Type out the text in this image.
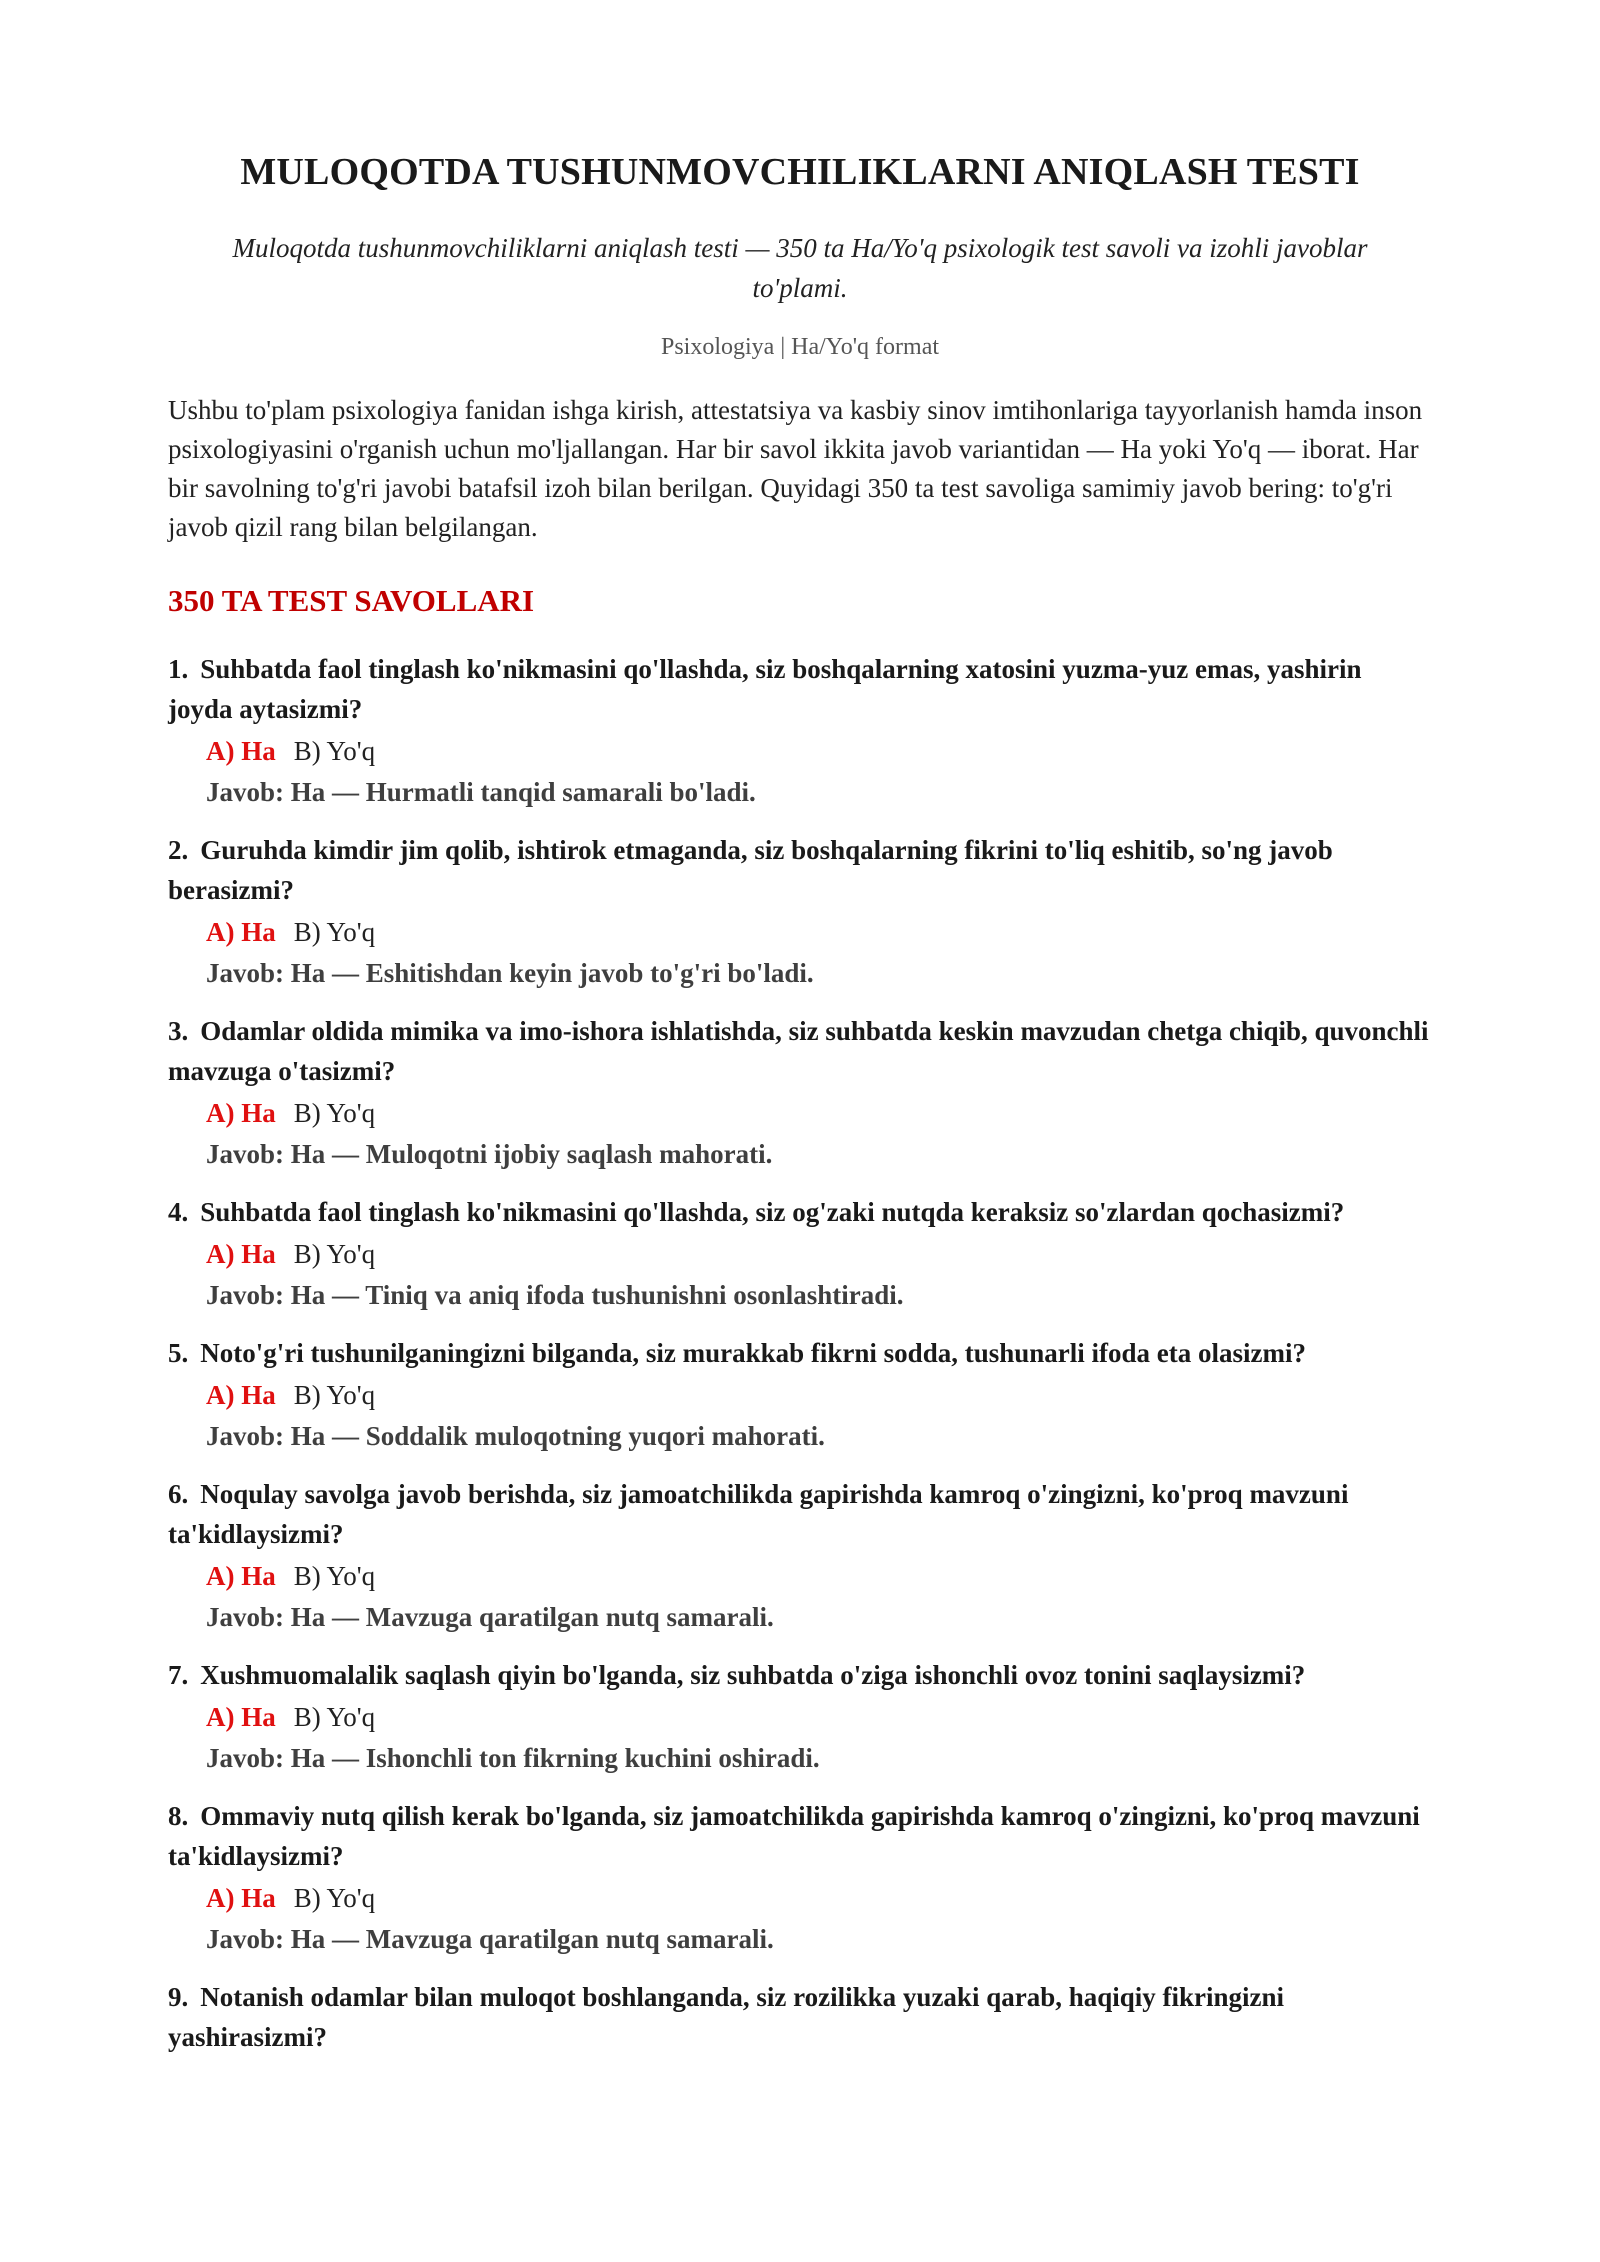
MULOQOTDA TUSHUNMOVCHILIKLARNI ANIQLASH TESTI
Muloqotda tushunmovchiliklarni aniqlash testi — 350 ta Ha/Yo'q psixologik test savoli va izohli javoblar to'plami.
Psixologiya | Ha/Yo'q format
Ushbu to'plam psixologiya fanidan ishga kirish, attestatsiya va kasbiy sinov imtihonlariga tayyorlanish hamda inson psixologiyasini o'rganish uchun mo'ljallangan. Har bir savol ikkita javob variantidan — Ha yoki Yo'q — iborat. Har bir savolning to'g'ri javobi batafsil izoh bilan berilgan. Quyidagi 350 ta test savoliga samimiy javob bering: to'g'ri javob qizil rang bilan belgilangan.
350 TA TEST SAVOLLARI
1. Suhbatda faol tinglash ko'nikmasini qo'llashda, siz boshqalarning xatosini yuzma-yuz emas, yashirin joyda aytasizmi?
A) Ha B) Yo'q
Javob: Ha — Hurmatli tanqid samarali bo'ladi.
2. Guruhda kimdir jim qolib, ishtirok etmaganda, siz boshqalarning fikrini to'liq eshitib, so'ng javob berasizmi?
A) Ha B) Yo'q
Javob: Ha — Eshitishdan keyin javob to'g'ri bo'ladi.
3. Odamlar oldida mimika va imo-ishora ishlatishda, siz suhbatda keskin mavzudan chetga chiqib, quvonchli mavzuga o'tasizmi?
A) Ha B) Yo'q
Javob: Ha — Muloqotni ijobiy saqlash mahorati.
4. Suhbatda faol tinglash ko'nikmasini qo'llashda, siz og'zaki nutqda keraksiz so'zlardan qochasizmi?
A) Ha B) Yo'q
Javob: Ha — Tiniq va aniq ifoda tushunishni osonlashtiradi.
5. Noto'g'ri tushunilganingizni bilganda, siz murakkab fikrni sodda, tushunarli ifoda eta olasizmi?
A) Ha B) Yo'q
Javob: Ha — Soddalik muloqotning yuqori mahorati.
6. Noqulay savolga javob berishda, siz jamoatchilikda gapirishda kamroq o'zingizni, ko'proq mavzuni ta'kidlaysizmi?
A) Ha B) Yo'q
Javob: Ha — Mavzuga qaratilgan nutq samarali.
7. Xushmuomalalik saqlash qiyin bo'lganda, siz suhbatda o'ziga ishonchli ovoz tonini saqlaysizmi?
A) Ha B) Yo'q
Javob: Ha — Ishonchli ton fikrning kuchini oshiradi.
8. Ommaviy nutq qilish kerak bo'lganda, siz jamoatchilikda gapirishda kamroq o'zingizni, ko'proq mavzuni ta'kidlaysizmi?
A) Ha B) Yo'q
Javob: Ha — Mavzuga qaratilgan nutq samarali.
9. Notanish odamlar bilan muloqot boshlanganda, siz rozilikka yuzaki qarab, haqiqiy fikringizni yashirasizmi?
